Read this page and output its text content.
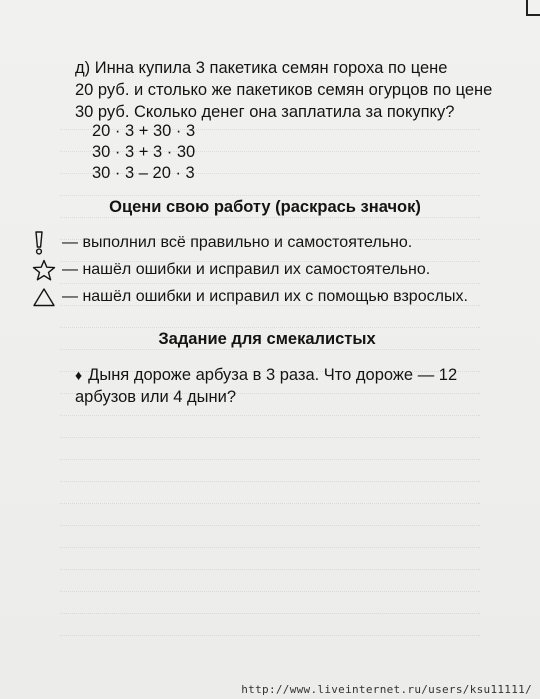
д) Инна купила 3 пакетика семян гороха по цене

20 руб. и столько же пакетиков семян огурцов по цене

30 руб. Сколько денег она заплатила за покупку?

20 · 3 + 30 · 3
30 · 3 + 3 · 30
30 · 3 – 20 · 3
Оцени свою работу (раскрась значок)
— выполнил всё правильно и самостоятельно.
— нашёл ошибки и исправил их самостоятельно.
— нашёл ошибки и исправил их с помощью взрослых.
Задание для смекалистых

♦ Дыня дороже арбуза в 3 раза. Что дороже — 12

арбузов или 4 дыни?

http://www.liveinternet.ru/users/ksu11111/
